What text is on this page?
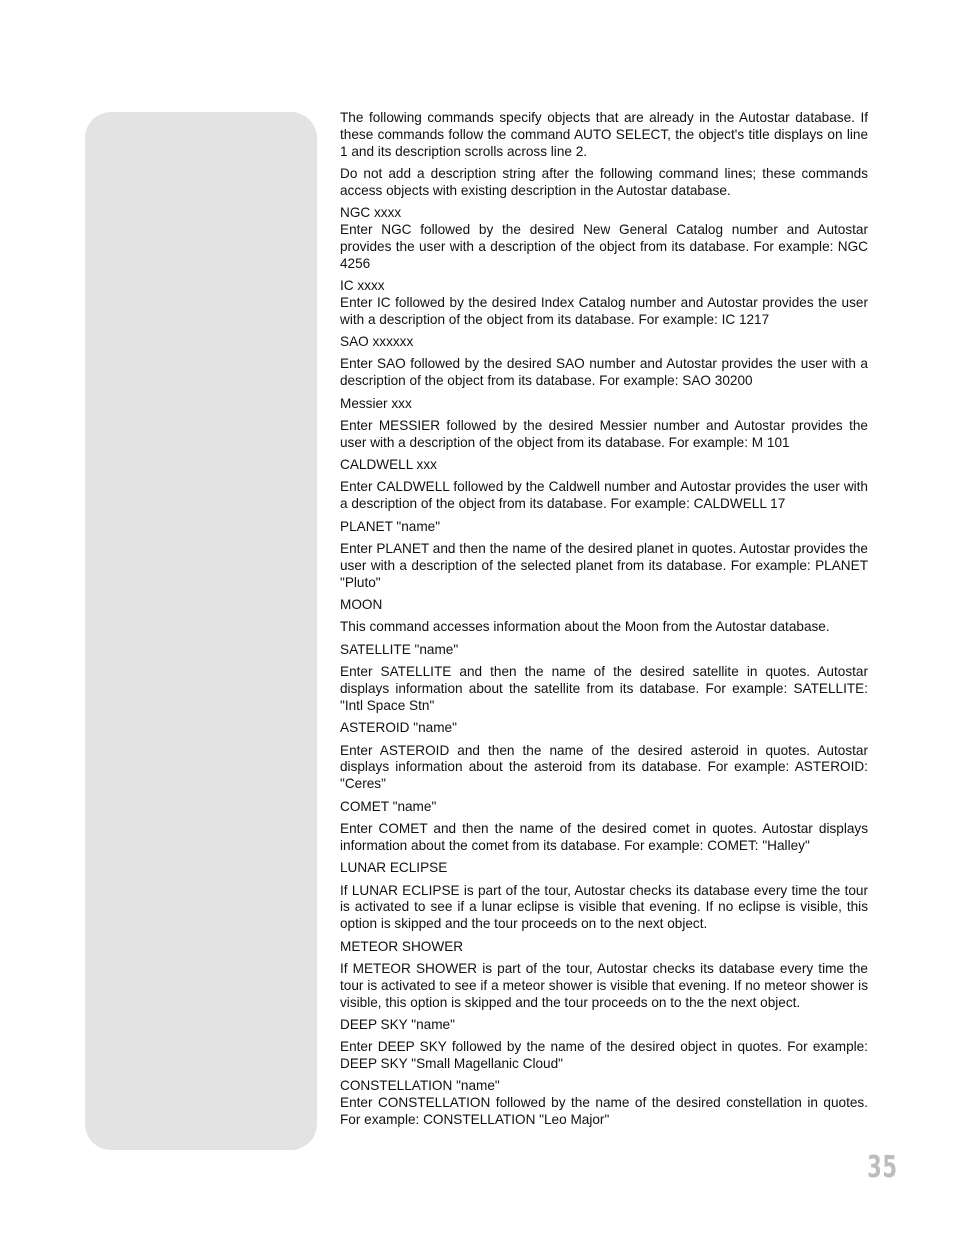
The following commands specify objects that are already in the Autostar database. If these commands follow the command AUTO SELECT, the object's title displays on line 1 and its description scrolls across line 2.

Do not add a description string after the following command lines; these commands access objects with existing description in the Autostar database.

NGC xxxx

Enter NGC followed by the desired New General Catalog number and Autostar provides the user with a description of the object from its database. For example: NGC 4256

IC xxxx

Enter IC followed by the desired Index Catalog number and Autostar provides the user with a description of the object from its database. For example: IC 1217

SAO xxxxxx

Enter SAO followed by the desired SAO number and Autostar provides the user with a description of the object from its database. For example: SAO 30200

Messier xxx

Enter MESSIER followed by the desired Messier number and Autostar provides the user with a description of the object from its database. For example: M 101

CALDWELL xxx

Enter CALDWELL followed by the Caldwell number and Autostar provides the user with a description of the object from its database. For example: CALDWELL 17

PLANET "name"

Enter PLANET and then the name of the desired planet in quotes. Autostar provides the user with a description of the selected planet from its database. For example: PLANET "Pluto"

MOON

This command accesses information about the Moon from the Autostar database.

SATELLITE "name"

Enter SATELLITE and then the name of the desired satellite in quotes. Autostar displays information about the satellite from its database. For example: SATELLITE: "Intl Space Stn"

ASTEROID "name"

Enter ASTEROID and then the name of the desired asteroid in quotes. Autostar displays information about the asteroid from its database. For example: ASTEROID: "Ceres"

COMET "name"

Enter COMET and then the name of the desired comet in quotes. Autostar displays information about the comet from its database. For example: COMET: "Halley"

LUNAR ECLIPSE

If LUNAR ECLIPSE is part of the tour, Autostar checks its database every time the tour is activated to see if a lunar eclipse is visible that evening. If no eclipse is visible, this option is skipped and the tour proceeds on to the next object.

METEOR SHOWER

If METEOR SHOWER is part of the tour, Autostar checks its database every time the tour is activated to see if a meteor shower is visible that evening. If no meteor shower is visible, this option is skipped and the tour proceeds on to the the next object.

DEEP SKY "name"

Enter DEEP SKY followed by the name of the desired object in quotes. For example: DEEP SKY "Small Magellanic Cloud"

CONSTELLATION "name"

Enter CONSTELLATION followed by the name of the desired constellation in quotes. For example: CONSTELLATION "Leo Major"

35
